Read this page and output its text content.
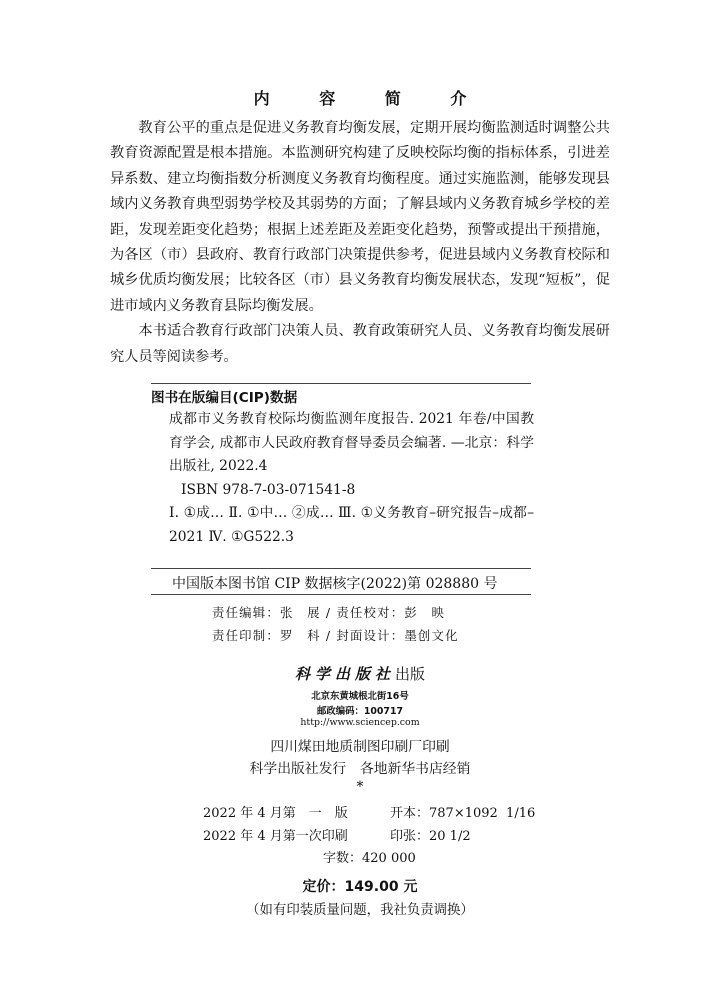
内 容 简 介

教育公平的重点是促进义务教育均衡发展，定期开展均衡监测适时调整公共教育资源配置是根本措施。本监测研究构建了反映校际均衡的指标体系，引进差异系数、建立均衡指数分析测度义务教育均衡程度。通过实施监测，能够发现县域内义务教育典型弱势学校及其弱势的方面；了解县域内义务教育城乡学校的差距，发现差距变化趋势；根据上述差距及差距变化趋势，预警或提出干预措施，为各区（市）县政府、教育行政部门决策提供参考，促进县域内义务教育校际和城乡优质均衡发展；比较各区（市）县义务教育均衡发展状态，发现“短板”，促进市域内义务教育县际均衡发展。

本书适合教育行政部门决策人员、教育政策研究人员、义务教育均衡发展研究人员等阅读参考。

图书在版编目(CIP)数据
成都市义务教育校际均衡监测年度报告. 2021 年卷/中国教育学会, 成都市人民政府教育督导委员会编著. —北京：科学出版社, 2022.4
ISBN 978-7-03-071541-8
Ⅰ. ①成… Ⅱ. ①中… ②成… Ⅲ. ①义务教育–研究报告–成都–2021 Ⅳ. ①G522.3
中国版本图书馆 CIP 数据核字(2022)第 028880 号
责任编辑：张　展 / 责任校对：彭　映
责任印制：罗　科 / 封面设计：墨创文化
科学出版社出版
北京东黄城根北街16号
邮政编码：100717
http://www.sciencep.com
四川煤田地质制图印刷厂印刷
科学出版社发行　各地新华书店经销
*
2022 年 4 月第　一　版	开本：787×1092  1/16
2022 年 4 月第一次印刷	印张：20 1/2
字数：420 000
定价：149.00 元
（如有印装质量问题，我社负责调换）
